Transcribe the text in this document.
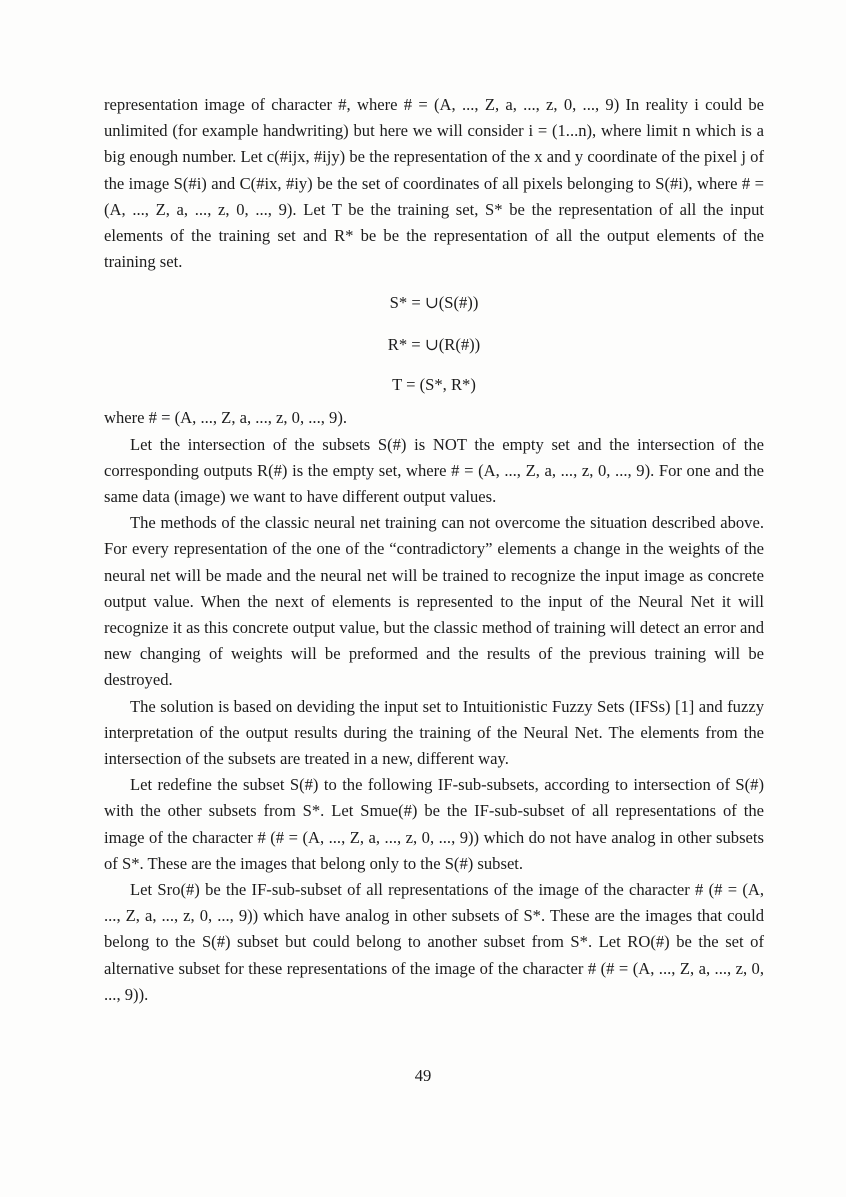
representation image of character #, where # = (A, ..., Z, a, ..., z, 0, ..., 9) In reality i could be unlimited (for example handwriting) but here we will consider i = (1...n), where limit n which is a big enough number. Let c(#ijx, #ijy) be the representation of the x and y coordinate of the pixel j of the image S(#i) and C(#ix, #iy) be the set of coordinates of all pixels belonging to S(#i), where # = (A, ..., Z, a, ..., z, 0, ..., 9). Let T be the training set, S* be the representation of all the input elements of the training set and R* be be the representation of all the output elements of the training set.

S* = ∪(S(#))
R* = ∪(R(#))
T = (S*, R*)

where # = (A, ..., Z, a, ..., z, 0, ..., 9).

Let the intersection of the subsets S(#) is NOT the empty set and the intersection of the corresponding outputs R(#) is the empty set, where # = (A, ..., Z, a, ..., z, 0, ..., 9). For one and the same data (image) we want to have different output values.

The methods of the classic neural net training can not overcome the situation described above. For every representation of the one of the “contradictory” elements a change in the weights of the neural net will be made and the neural net will be trained to recognize the input image as concrete output value. When the next of elements is represented to the input of the Neural Net it will recognize it as this concrete output value, but the classic method of training will detect an error and new changing of weights will be preformed and the results of the previous training will be destroyed.

The solution is based on deviding the input set to Intuitionistic Fuzzy Sets (IFSs) [1] and fuzzy interpretation of the output results during the training of the Neural Net. The elements from the intersection of the subsets are treated in a new, different way.

Let redefine the subset S(#) to the following IF-sub-subsets, according to intersection of S(#) with the other subsets from S*. Let Smue(#) be the IF-sub-subset of all representations of the image of the character # (# = (A, ..., Z, a, ..., z, 0, ..., 9)) which do not have analog in other subsets of S*. These are the images that belong only to the S(#) subset.

Let Sro(#) be the IF-sub-subset of all representations of the image of the character # (# = (A, ..., Z, a, ..., z, 0, ..., 9)) which have analog in other subsets of S*. These are the images that could belong to the S(#) subset but could belong to another subset from S*. Let RO(#) be the set of alternative subset for these representations of the image of the character # (# = (A, ..., Z, a, ..., z, 0, ..., 9)).

49
